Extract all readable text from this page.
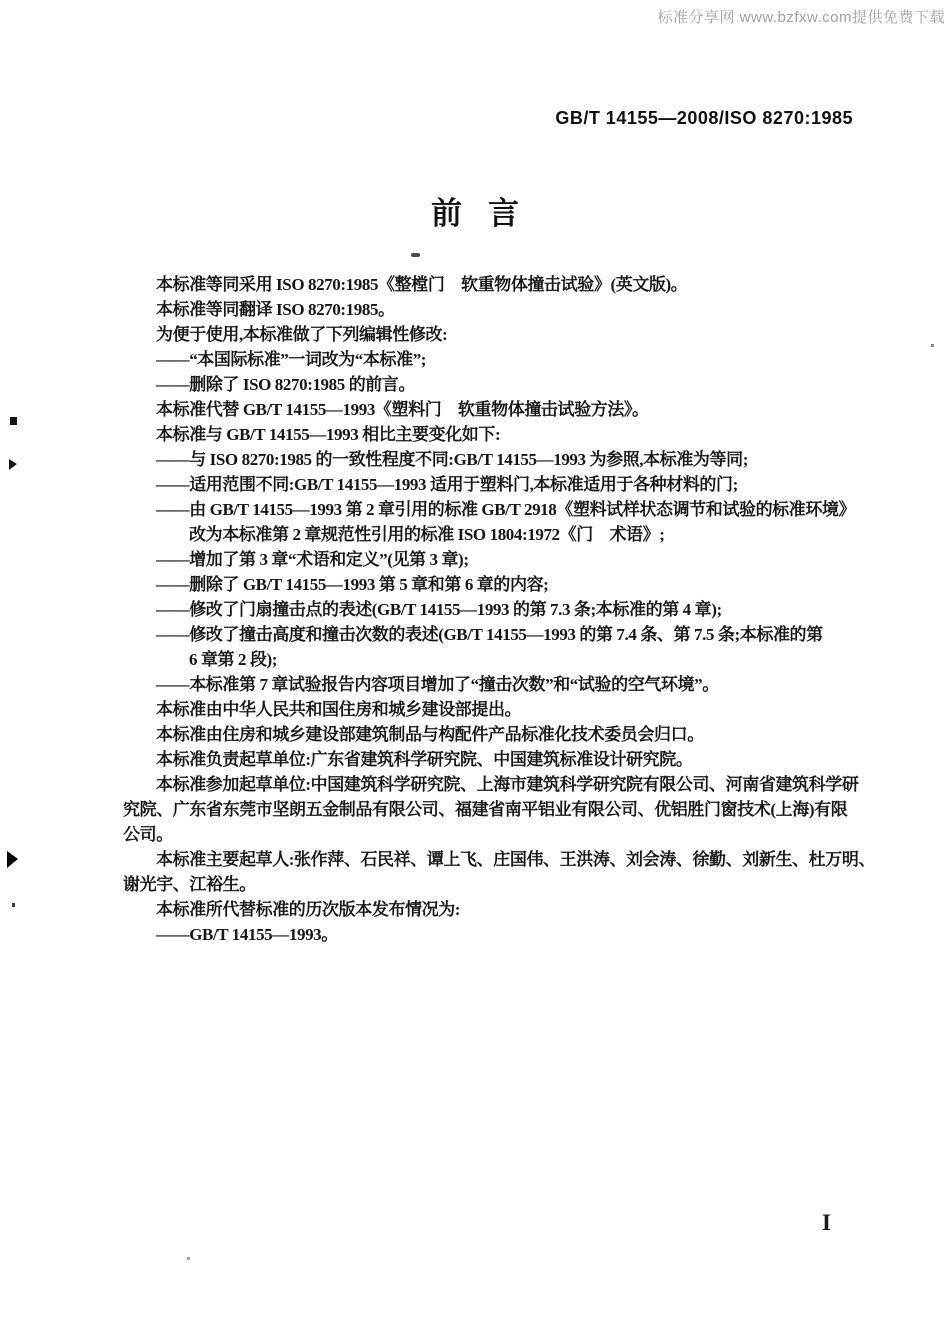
标准分享网 www.bzfxw.com提供免费下载
GB/T 14155—2008/ISO 8270:1985
前言
本标准等同采用 ISO 8270:1985《整樘门　软重物体撞击试验》(英文版)。
本标准等同翻译 ISO 8270:1985。
为便于使用,本标准做了下列编辑性修改:
——“本国际标准”一词改为“本标准”;
——删除了 ISO 8270:1985 的前言。
本标准代替 GB/T 14155—1993《塑料门　软重物体撞击试验方法》。
本标准与 GB/T 14155—1993 相比主要变化如下:
——与 ISO 8270:1985 的一致性程度不同:GB/T 14155—1993 为参照,本标准为等同;
——适用范围不同:GB/T 14155—1993 适用于塑料门,本标准适用于各种材料的门;
——由 GB/T 14155—1993 第 2 章引用的标准 GB/T 2918《塑料试样状态调节和试验的标准环境》
改为本标准第 2 章规范性引用的标准 ISO 1804:1972《门　术语》;
——增加了第 3 章“术语和定义”(见第 3 章);
——删除了 GB/T 14155—1993 第 5 章和第 6 章的内容;
——修改了门扇撞击点的表述(GB/T 14155—1993 的第 7.3 条;本标准的第 4 章);
——修改了撞击高度和撞击次数的表述(GB/T 14155—1993 的第 7.4 条、第 7.5 条;本标准的第
6 章第 2 段);
——本标准第 7 章试验报告内容项目增加了“撞击次数”和“试验的空气环境”。
本标准由中华人民共和国住房和城乡建设部提出。
本标准由住房和城乡建设部建筑制品与构配件产品标准化技术委员会归口。
本标准负责起草单位:广东省建筑科学研究院、中国建筑标准设计研究院。
本标准参加起草单位:中国建筑科学研究院、上海市建筑科学研究院有限公司、河南省建筑科学研
究院、广东省东莞市坚朗五金制品有限公司、福建省南平铝业有限公司、优铝胜门窗技术(上海)有限
公司。
本标准主要起草人:张作萍、石民祥、谭上飞、庄国伟、王洪涛、刘会涛、徐勤、刘新生、杜万明、
谢光宇、江裕生。
本标准所代替标准的历次版本发布情况为:
——GB/T 14155—1993。
I
